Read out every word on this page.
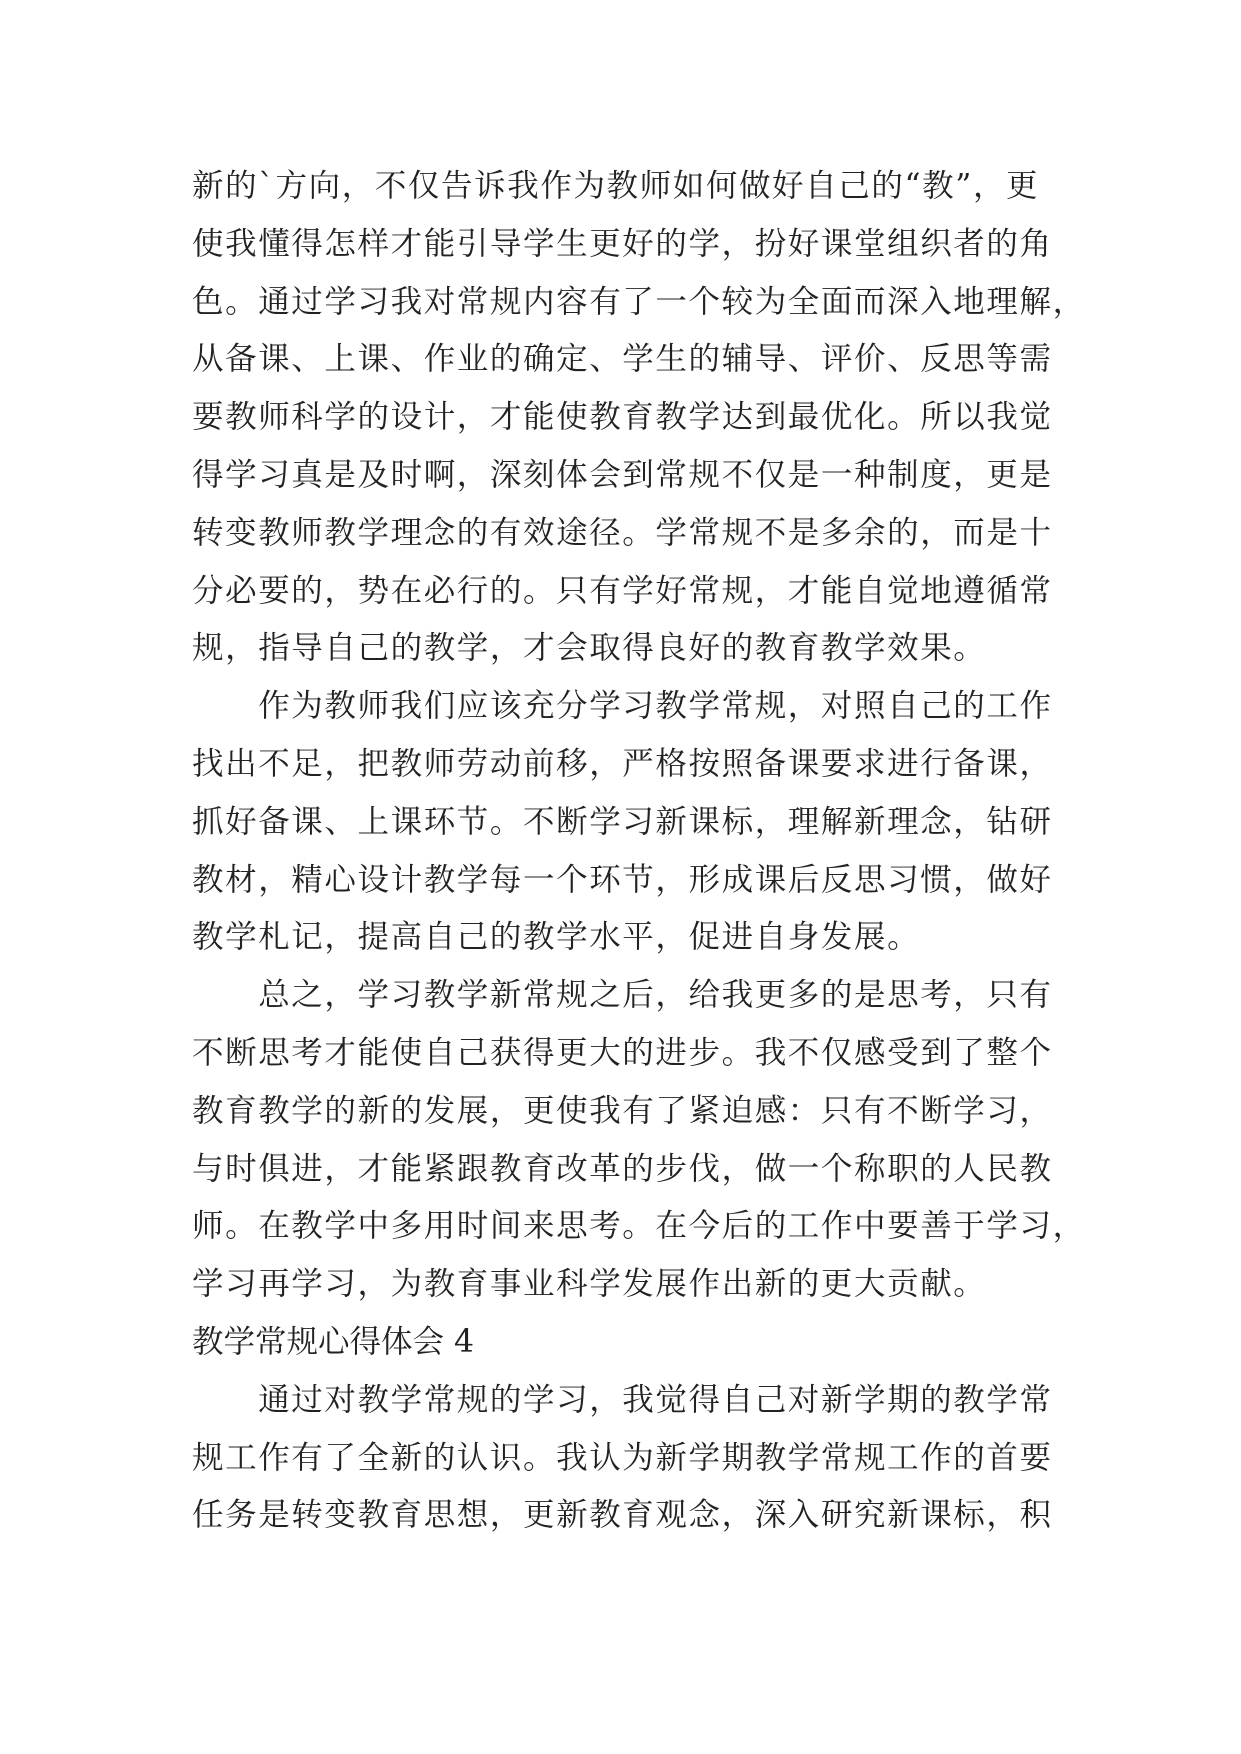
新的`方向，不仅告诉我作为教师如何做好自己的“教”，更
使我懂得怎样才能引导学生更好的学，扮好课堂组织者的角
色。通过学习我对常规内容有了一个较为全面而深入地理解，
从备课、上课、作业的确定、学生的辅导、评价、反思等需
要教师科学的设计，才能使教育教学达到最优化。所以我觉
得学习真是及时啊，深刻体会到常规不仅是一种制度，更是
转变教师教学理念的有效途径。学常规不是多余的，而是十
分必要的，势在必行的。只有学好常规，才能自觉地遵循常
规，指导自己的教学，才会取得良好的教育教学效果。
　　作为教师我们应该充分学习教学常规，对照自己的工作
找出不足，把教师劳动前移，严格按照备课要求进行备课，
抓好备课、上课环节。不断学习新课标，理解新理念，钻研
教材，精心设计教学每一个环节，形成课后反思习惯，做好
教学札记，提高自己的教学水平，促进自身发展。
　　总之，学习教学新常规之后，给我更多的是思考，只有
不断思考才能使自己获得更大的进步。我不仅感受到了整个
教育教学的新的发展，更使我有了紧迫感：只有不断学习，
与时俱进，才能紧跟教育改革的步伐，做一个称职的人民教
师。在教学中多用时间来思考。在今后的工作中要善于学习，
学习再学习，为教育事业科学发展作出新的更大贡献。
教学常规心得体会 4
　　通过对教学常规的学习，我觉得自己对新学期的教学常
规工作有了全新的认识。我认为新学期教学常规工作的首要
任务是转变教育思想，更新教育观念，深入研究新课标，积
